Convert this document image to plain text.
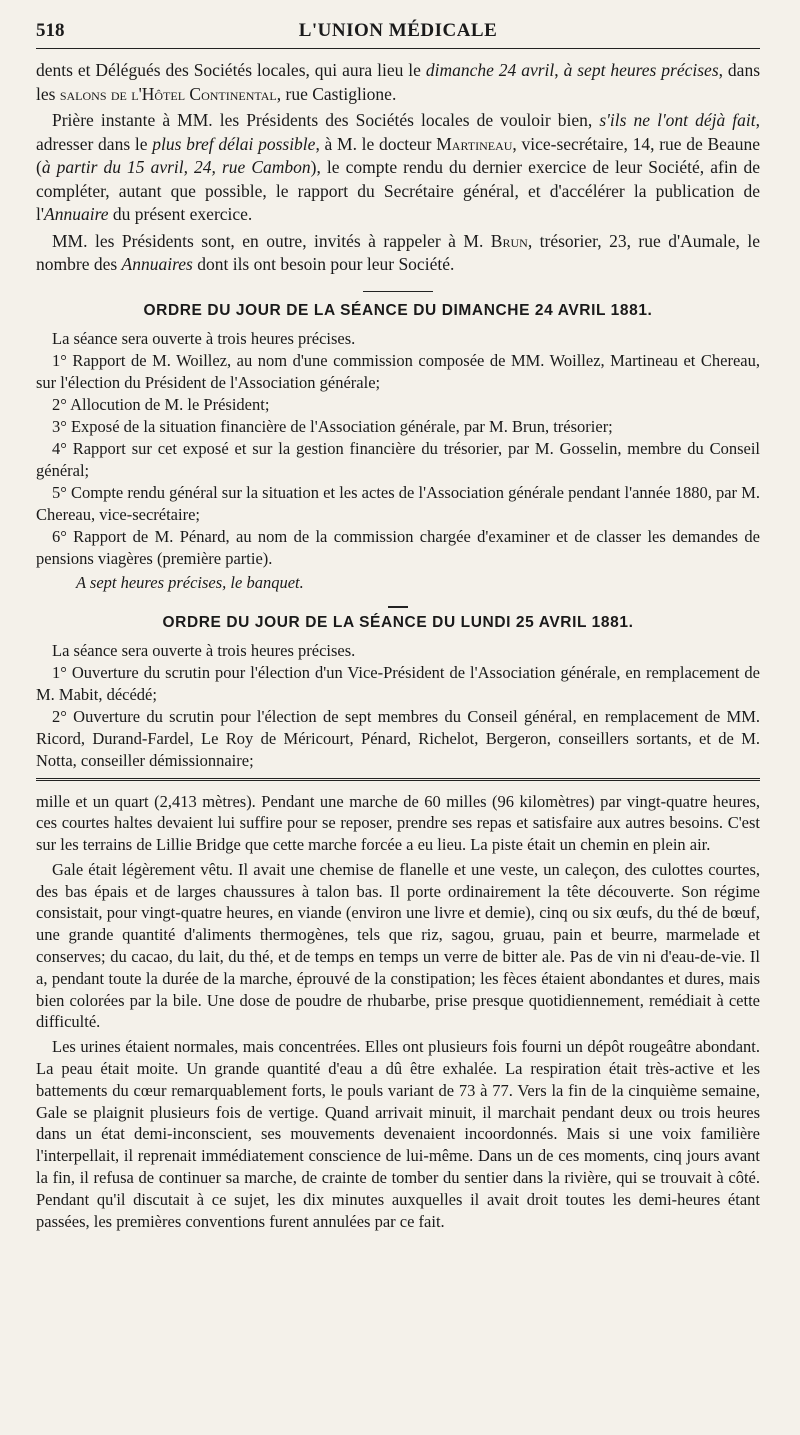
518	L'UNION MÉDICALE

dents et Délégués des Sociétés locales, qui aura lieu le dimanche 24 avril, à sept heures précises, dans les salons de l'Hôtel Continental, rue Castiglione.

Prière instante à MM. les Présidents des Sociétés locales de vouloir bien, s'ils ne l'ont déjà fait, adresser dans le plus bref délai possible, à M. le docteur Martineau, vice-secrétaire, 14, rue de Beaune (à partir du 15 avril, 24, rue Cambon), le compte rendu du dernier exercice de leur Société, afin de compléter, autant que possible, le rapport du Secrétaire général, et d'accélérer la publication de l'Annuaire du présent exercice.

MM. les Présidents sont, en outre, invités à rappeler à M. Brun, trésorier, 23, rue d'Aumale, le nombre des Annuaires dont ils ont besoin pour leur Société.

ORDRE DU JOUR DE LA SÉANCE DU DIMANCHE 24 AVRIL 1881.

La séance sera ouverte à trois heures précises.

1° Rapport de M. Woillez, au nom d'une commission composée de MM. Woillez, Martineau et Chereau, sur l'élection du Président de l'Association générale;

2° Allocution de M. le Président;

3° Exposé de la situation financière de l'Association générale, par M. Brun, trésorier;

4° Rapport sur cet exposé et sur la gestion financière du trésorier, par M. Gosselin, membre du Conseil général;

5° Compte rendu général sur la situation et les actes de l'Association générale pendant l'année 1880, par M. Chereau, vice-secrétaire;

6° Rapport de M. Pénard, au nom de la commission chargée d'examiner et de classer les demandes de pensions viagères (première partie).

A sept heures précises, le banquet.

ORDRE DU JOUR DE LA SÉANCE DU LUNDI 25 AVRIL 1881.

La séance sera ouverte à trois heures précises.

1° Ouverture du scrutin pour l'élection d'un Vice-Président de l'Association générale, en remplacement de M. Mabit, décédé;

2° Ouverture du scrutin pour l'élection de sept membres du Conseil général, en remplacement de MM. Ricord, Durand-Fardel, Le Roy de Méricourt, Pénard, Richelot, Bergeron, conseillers sortants, et de M. Notta, conseiller démissionnaire;

mille et un quart (2,413 mètres). Pendant une marche de 60 milles (96 kilomètres) par vingt-quatre heures, ces courtes haltes devaient lui suffire pour se reposer, prendre ses repas et satisfaire aux autres besoins. C'est sur les terrains de Lillie Bridge que cette marche forcée a eu lieu. La piste était un chemin en plein air.

Gale était légèrement vêtu. Il avait une chemise de flanelle et une veste, un caleçon, des culottes courtes, des bas épais et de larges chaussures à talon bas. Il porte ordinairement la tête découverte. Son régime consistait, pour vingt-quatre heures, en viande (environ une livre et demie), cinq ou six œufs, du thé de bœuf, une grande quantité d'aliments thermogènes, tels que riz, sagou, gruau, pain et beurre, marmelade et conserves; du cacao, du lait, du thé, et de temps en temps un verre de bitter ale. Pas de vin ni d'eau-de-vie. Il a, pendant toute la durée de la marche, éprouvé de la constipation; les fèces étaient abondantes et dures, mais bien colorées par la bile. Une dose de poudre de rhubarbe, prise presque quotidiennement, remédiait à cette difficulté.

Les urines étaient normales, mais concentrées. Elles ont plusieurs fois fourni un dépôt rougeâtre abondant. La peau était moite. Un grande quantité d'eau a dû être exhalée. La respiration était très-active et les battements du cœur remarquablement forts, le pouls variant de 73 à 77. Vers la fin de la cinquième semaine, Gale se plaignit plusieurs fois de vertige. Quand arrivait minuit, il marchait pendant deux ou trois heures dans un état demi-inconscient, ses mouvements devenaient incoordonnés. Mais si une voix familière l'interpellait, il reprenait immédiatement conscience de lui-même. Dans un de ces moments, cinq jours avant la fin, il refusa de continuer sa marche, de crainte de tomber du sentier dans la rivière, qui se trouvait à côté. Pendant qu'il discutait à ce sujet, les dix minutes auxquelles il avait droit toutes les demi-heures étant passées, les premières conventions furent annulées par ce fait.
